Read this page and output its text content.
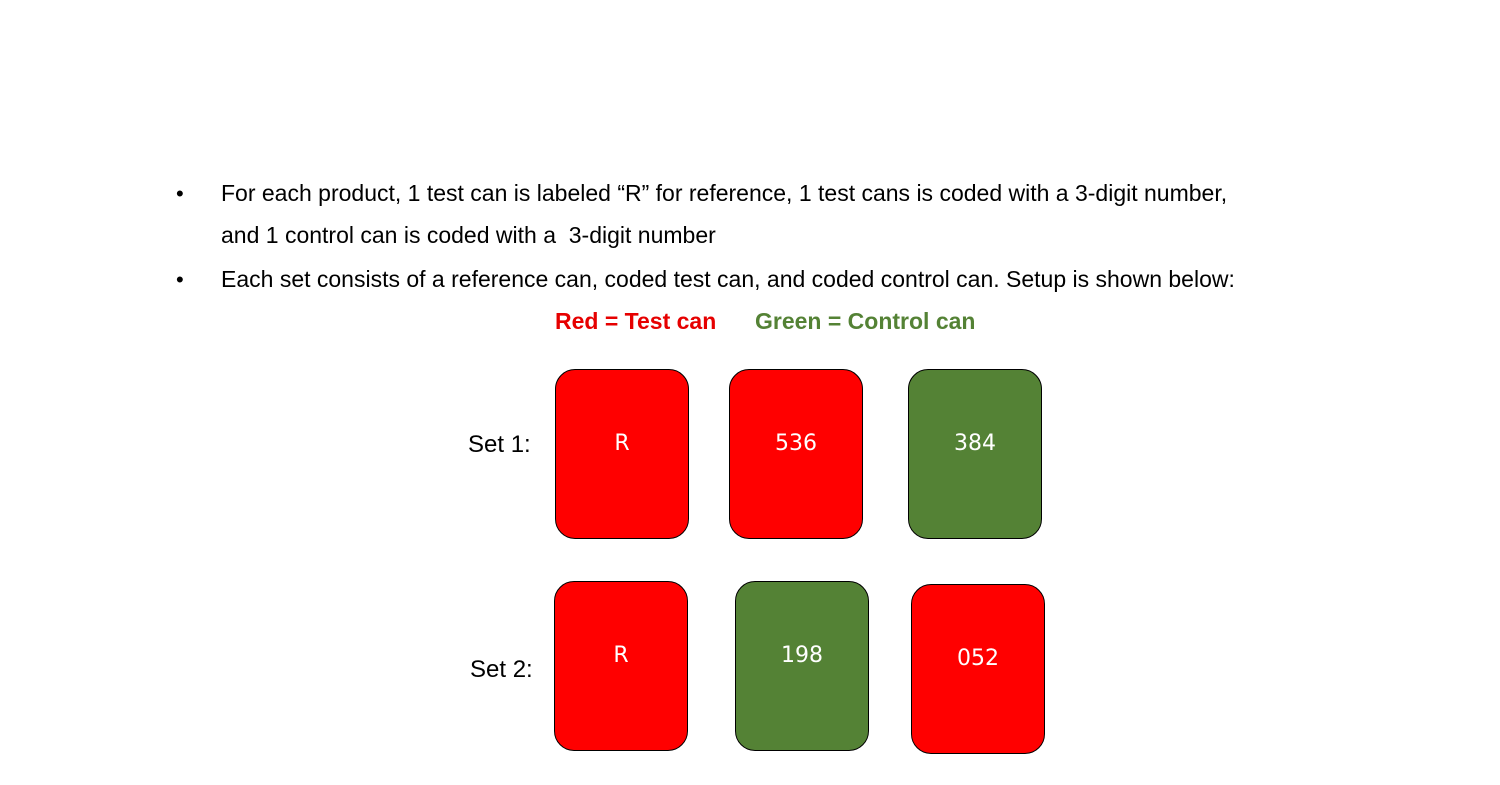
• For each product, 1 test can is labeled “R” for reference, 1 test cans is coded with a 3-digit number,
and 1 control can is coded with a  3-digit number
• Each set consists of a reference can, coded test can, and coded control can. Setup is shown below:
Red = Test can Green = Control can
Set 1:
Set 2:
R	536	384
R	198	052
